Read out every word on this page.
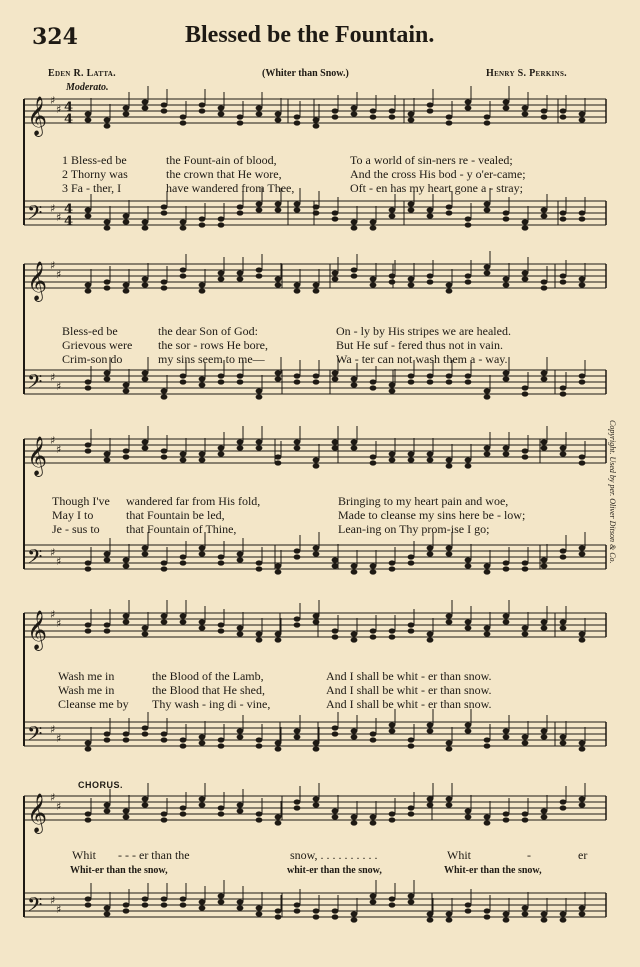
324	Blessed be the Fountain.
Eden R. Latta.	(Whiter than Snow.)	Henry S. Perkins.
Moderato.
CHORUS.
Copyright. Used by per. Oliver Ditson & Co.
1 Bless-ed be	the Fount-ain of blood,	To a world of sin-ners re - vealed;
2 Thorny was	the crown that He wore,	And the cross His bod - y o'er-came;
3 Fa - ther, I	have wandered from Thee,	Oft - en has my heart gone a - stray;
Bless-ed be	the dear Son of God:	On - ly by His stripes we are healed.
Grievous were the sor - rows He bore,	But He suf - fered thus not in vain.
Crim-son do	my sins seem to me—	Wa - ter can not wash them a - way.
Though I've wandered far from His fold,	Bringing to my heart pain and woe,
May I to	that Fountain be led,	Made to cleanse my sins here be - low;
Je - sus to that Fountain of Thine,	Lean-ing on Thy prom-ise I go;
Wash me in	the Blood of the Lamb,	And I shall be whit - er than snow.
Wash me in	the Blood that He shed,	And I shall be whit - er than snow.
Cleanse me by Thy wash - ing di - vine,	And I shall be whit - er than snow.
Whit - - - er than the	snow, . . . . . . . . . .	Whit	-	er
Whit-er than the snow,	whit-er than the snow,	Whit-er than the snow,
𝄞 ♯
♯
𝄢 ♯
♯
4
4
4
4
𝄞 ♯
♯
𝄢 ♯
♯
𝄞 ♯
♯
𝄢 ♯
♯
𝄞 ♯
♯
𝄢 ♯
♯
𝄞 ♯
♯
𝄢 ♯
♯
